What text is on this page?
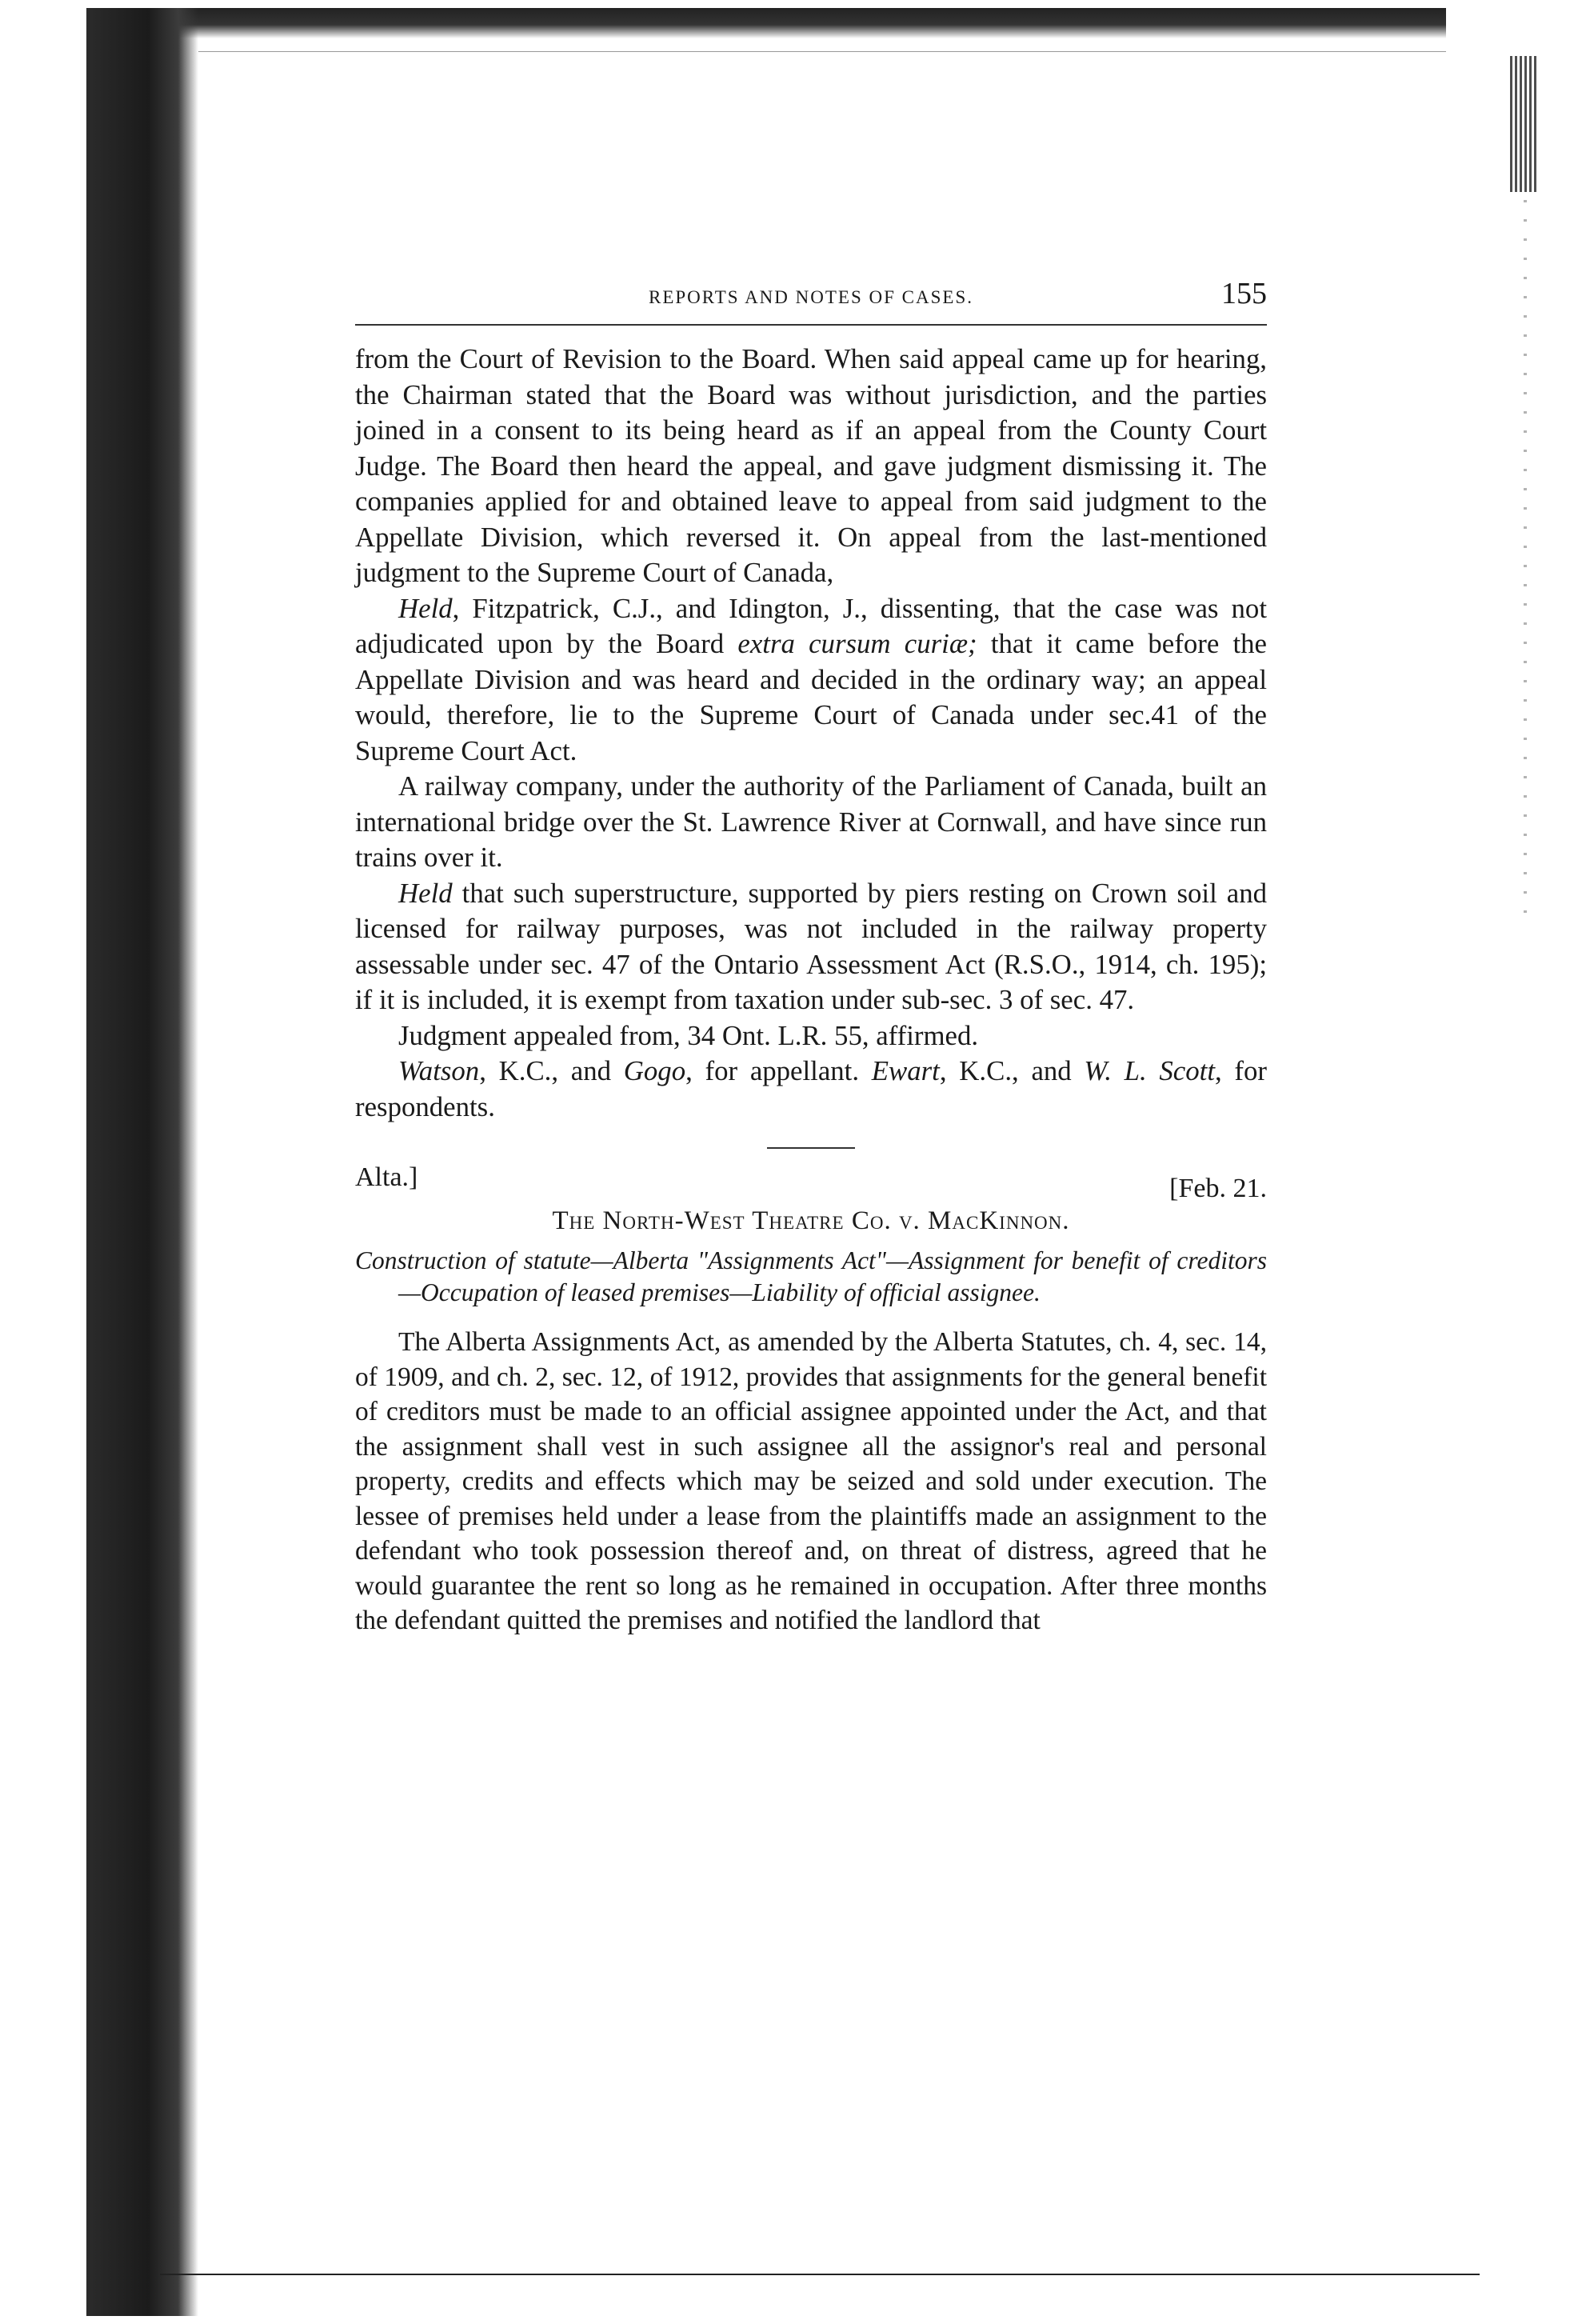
REPORTS AND NOTES OF CASES.	155

from the Court of Revision to the Board. When said appeal came up for hearing, the Chairman stated that the Board was without jurisdiction, and the parties joined in a consent to its being heard as if an appeal from the County Court Judge. The Board then heard the appeal, and gave judgment dismissing it. The companies applied for and obtained leave to appeal from said judgment to the Appellate Division, which reversed it. On appeal from the last-mentioned judgment to the Supreme Court of Canada,

Held, Fitzpatrick, C.J., and Idington, J., dissenting, that the case was not adjudicated upon by the Board extra cursum curiæ; that it came before the Appellate Division and was heard and decided in the ordinary way; an appeal would, therefore, lie to the Supreme Court of Canada under sec.41 of the Supreme Court Act.

A railway company, under the authority of the Parliament of Canada, built an international bridge over the St. Lawrence River at Cornwall, and have since run trains over it.

Held that such superstructure, supported by piers resting on Crown soil and licensed for railway purposes, was not included in the railway property assessable under sec. 47 of the Ontario Assessment Act (R.S.O., 1914, ch. 195); if it is included, it is exempt from taxation under sub-sec. 3 of sec. 47.

Judgment appealed from, 34 Ont. L.R. 55, affirmed.

Watson, K.C., and Gogo, for appellant. Ewart, K.C., and W. L. Scott, for respondents.

Alta.]	[Feb. 21.
The North-West Theatre Co. v. MacKinnon.

Construction of statute—Alberta "Assignments Act"—Assignment for benefit of creditors—Occupation of leased premises—Liability of official assignee.

The Alberta Assignments Act, as amended by the Alberta Statutes, ch. 4, sec. 14, of 1909, and ch. 2, sec. 12, of 1912, provides that assignments for the general benefit of creditors must be made to an official assignee appointed under the Act, and that the assignment shall vest in such assignee all the assignor's real and personal property, credits and effects which may be seized and sold under execution. The lessee of premises held under a lease from the plaintiffs made an assignment to the defendant who took possession thereof and, on threat of distress, agreed that he would guarantee the rent so long as he remained in occupation. After three months the defendant quitted the premises and notified the landlord that
